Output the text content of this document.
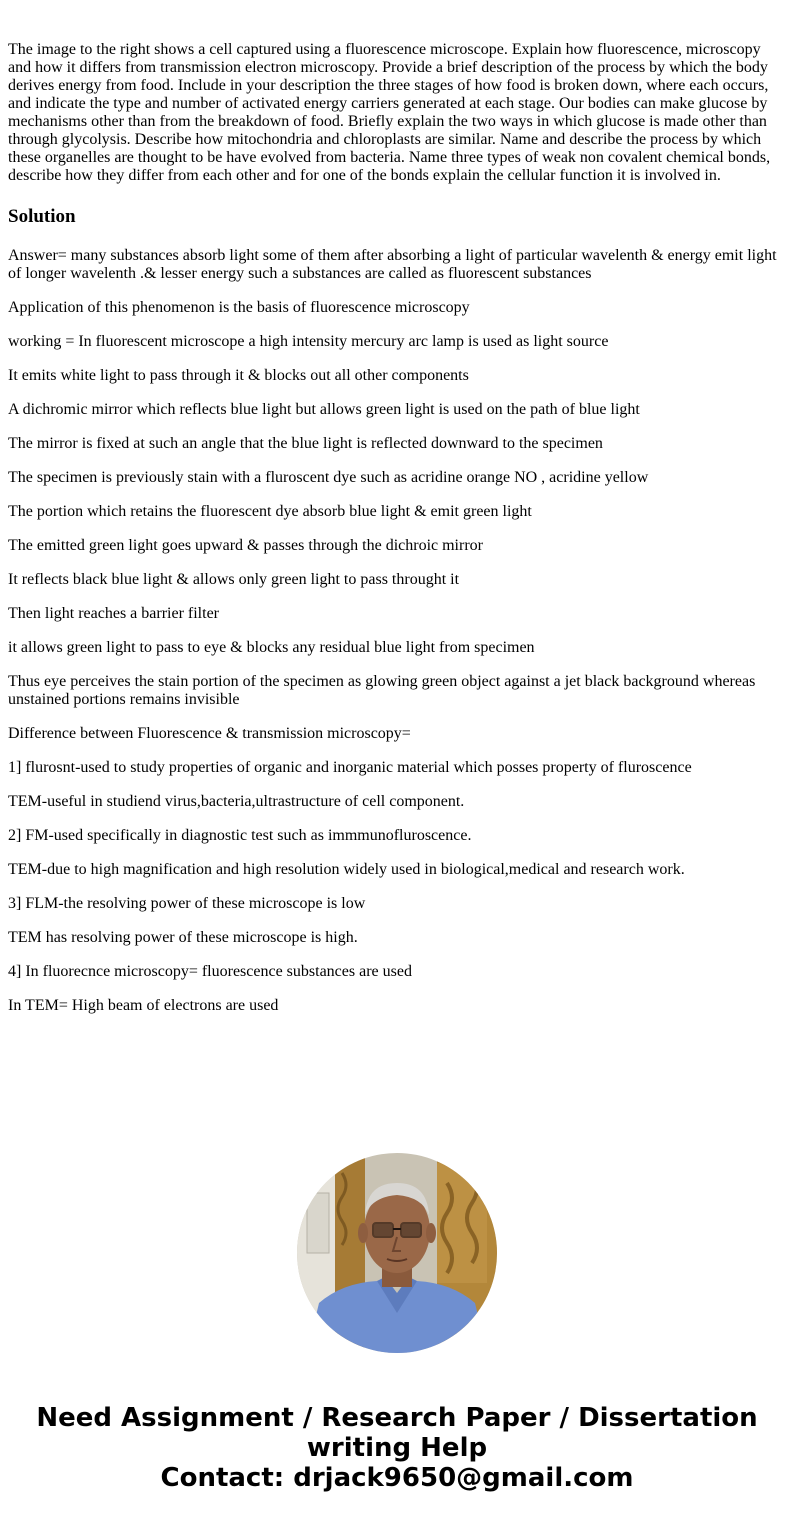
The image to the right shows a cell captured using a fluorescence microscope. Explain how fluorescence, microscopy and how it differs from transmission electron microscopy. Provide a brief description of the process by which the body derives energy from food. Include in your description the three stages of how food is broken down, where each occurs, and indicate the type and number of activated energy carriers generated at each stage. Our bodies can make glucose by mechanisms other than from the breakdown of food. Briefly explain the two ways in which glucose is made other than through glycolysis. Describe how mitochondria and chloroplasts are similar. Name and describe the process by which these organelles are thought to be have evolved from bacteria. Name three types of weak non covalent chemical bonds, describe how they differ from each other and for one of the bonds explain the cellular function it is involved in.

Solution

Answer= many substances absorb light some of them after absorbing a light of particular wavelenth & energy emit light of longer wavelenth .& lesser energy such a substances are called as fluorescent substances

Application of this phenomenon is the basis of fluorescence microscopy

working = In fluorescent microscope a high intensity mercury arc lamp is used as light source

It emits white light to pass through it & blocks out all other components

A dichromic mirror which reflects blue light but allows green light is used on the path of blue light

The mirror is fixed at such an angle that the blue light is reflected downward to the specimen

The specimen is previously stain with a fluroscent dye such as acridine orange NO , acridine yellow

The portion which retains the fluorescent dye absorb blue light & emit green light

The emitted green light goes upward & passes through the dichroic mirror

It reflects black blue light & allows only green light to pass throught it

Then light reaches a barrier filter

it allows green light to pass to eye & blocks any residual blue light from specimen

Thus eye perceives the stain portion of the specimen as glowing green object against a jet black background whereas unstained portions remains invisible

Difference between Fluorescence & transmission microscopy=

1] flurosnt-used to study properties of organic and inorganic material which posses property of fluroscence

TEM-useful in studiend virus,bacteria,ultrastructure of cell component.

2] FM-used specifically in diagnostic test such as immmunofluroscence.

TEM-due to high magnification and high resolution widely used in biological,medical and research work.

3] FLM-the resolving power of these microscope is low

TEM has resolving power of these microscope is high.

4] In fluorecnce microscopy= fluorescence substances are used

In TEM= High beam of electrons are used

Need Assignment / Research Paper / Dissertation
writing Help
Contact: drjack9650@gmail.com
